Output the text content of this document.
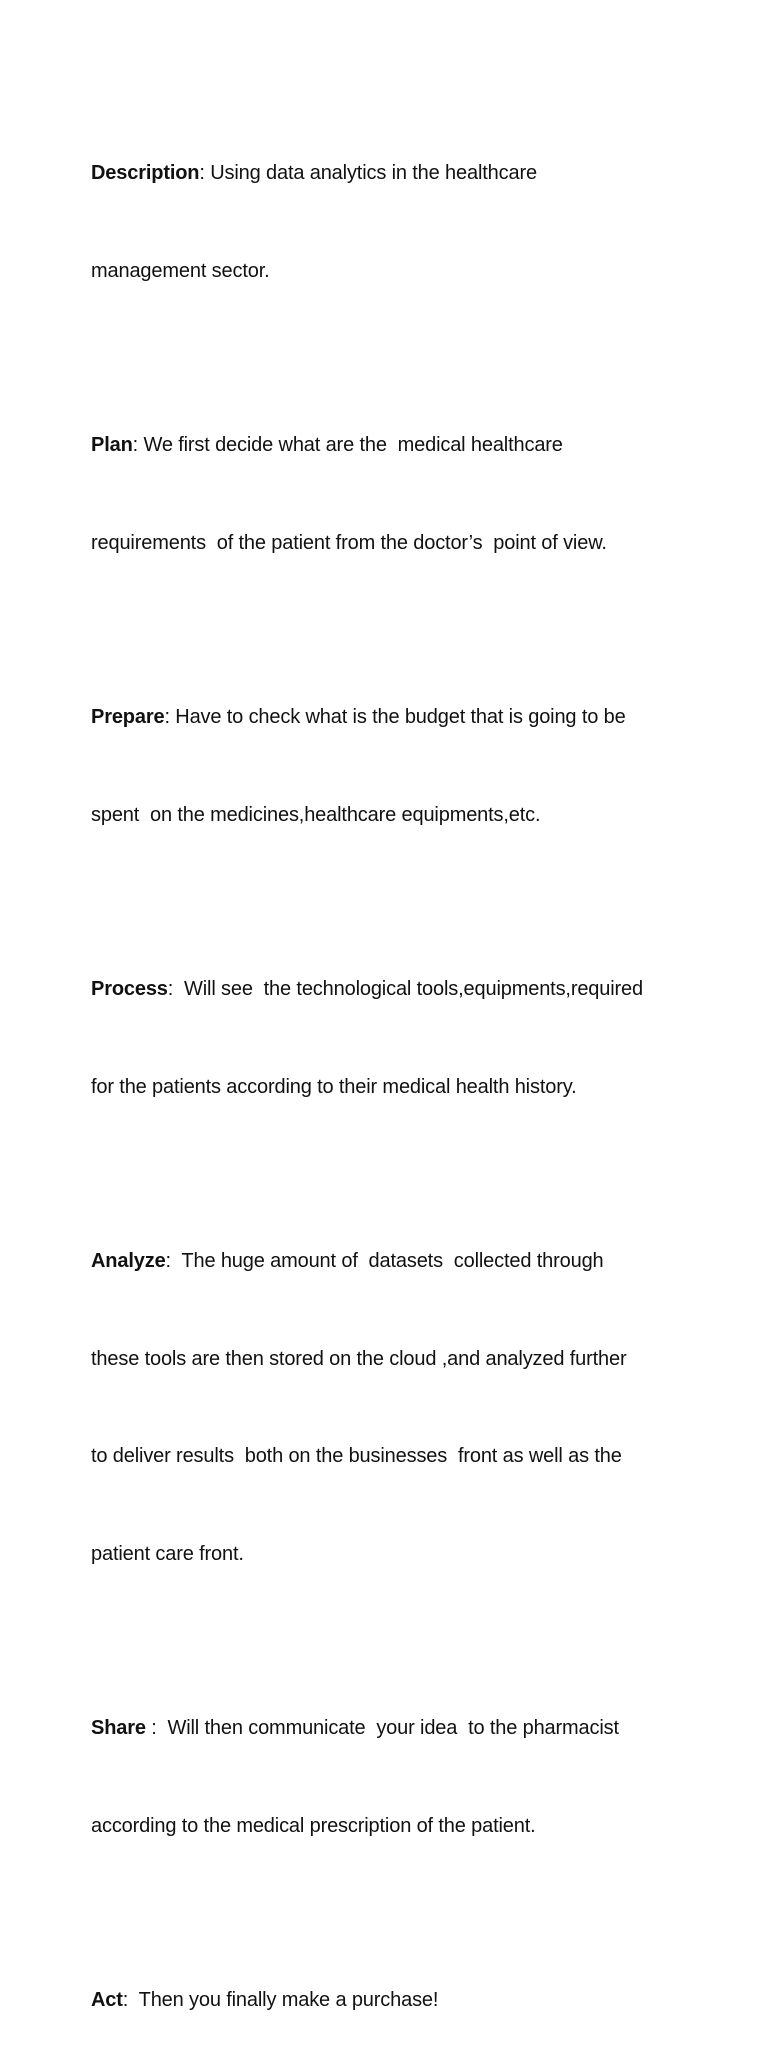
Description: Using data analytics in the healthcare

management sector.

Plan: We first decide what are the  medical healthcare

requirements  of the patient from the doctor’s  point of view.

Prepare: Have to check what is the budget that is going to be

spent  on the medicines,healthcare equipments,etc.

Process:  Will see  the technological tools,equipments,required

for the patients according to their medical health history.

Analyze:  The huge amount of  datasets  collected through

these tools are then stored on the cloud ,and analyzed further

to deliver results  both on the businesses  front as well as the

patient care front.

Share :  Will then communicate  your idea  to the pharmacist

according to the medical prescription of the patient.

Act:  Then you finally make a purchase!
